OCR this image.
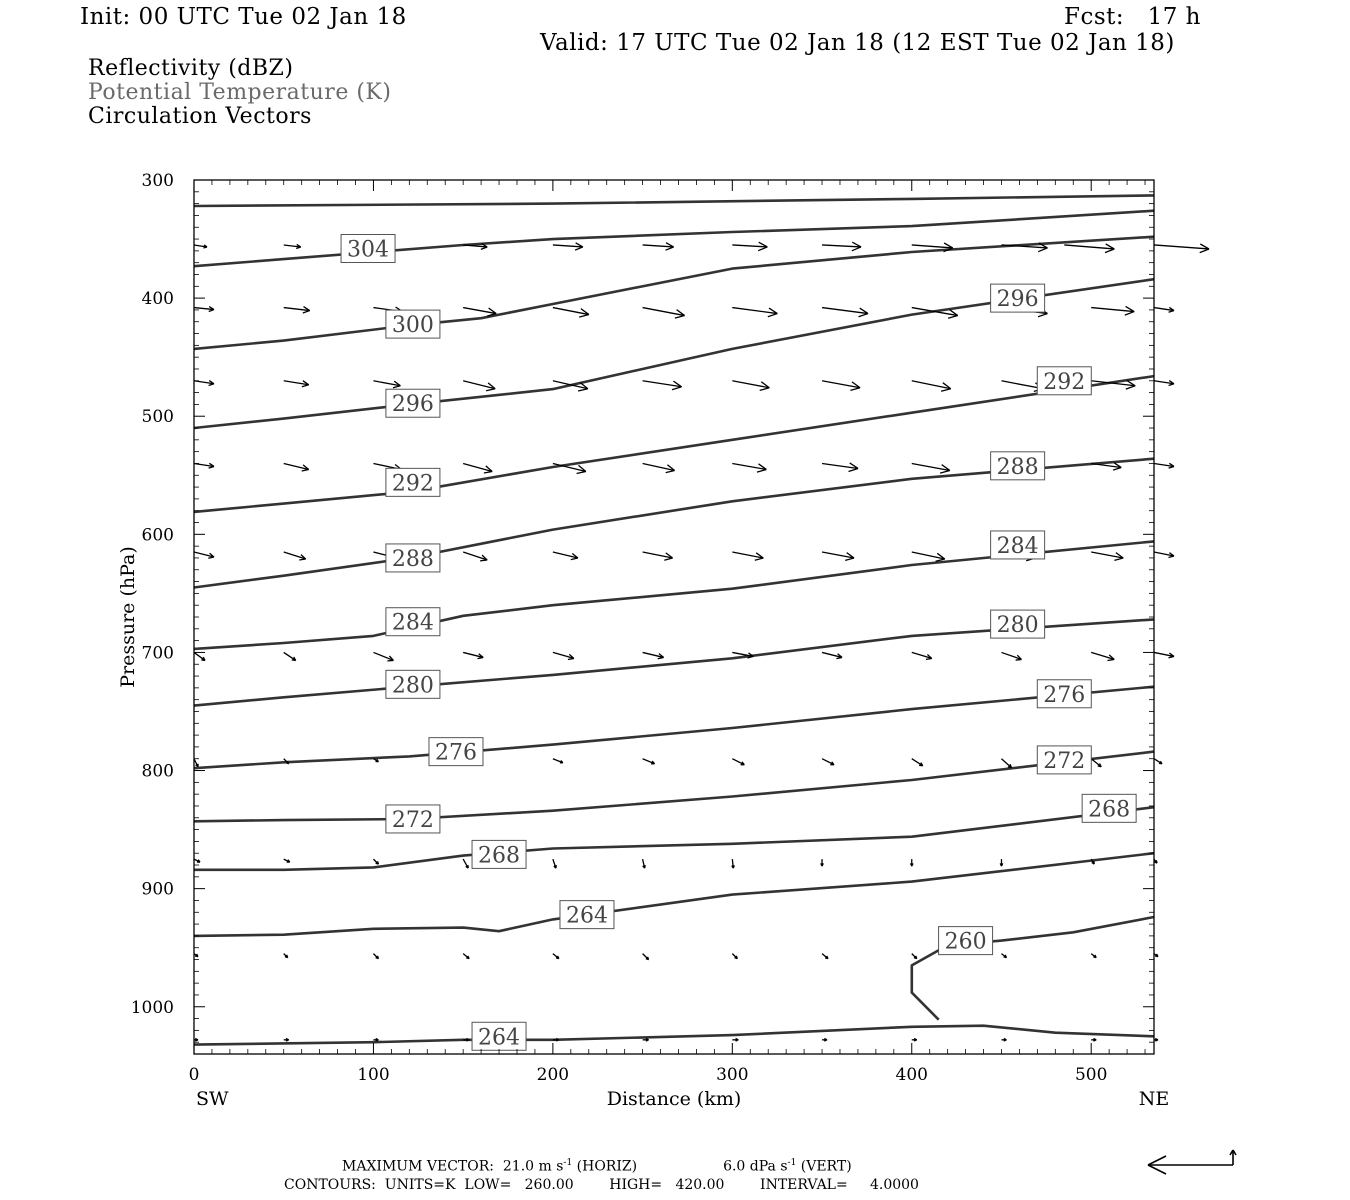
Init: 00 UTC Tue 02 Jan 18	Fcst:   17 h
Valid: 17 UTC Tue 02 Jan 18 (12 EST Tue 02 Jan 18)
Reflectivity (dBZ)
Potential Temperature (K)
Circulation Vectors
304
300
296
296
292
292
288
288
284
284
280
280
276
276
272
272
268
268
264
260
264
Distance (km)
Pressure (hPa)
SW	NE
0	100	200	300	400	500
300
400
500
600
700
800
900
1000
MAXIMUM VECTOR:  21.0 m $s^{-1}$ (HORIZ)	6.0 dPa $s^{-1}$ (VERT)
CONTOURS:  UNITS=K  LOW=   260.00        HIGH=   420.00        INTERVAL=     4.0000
